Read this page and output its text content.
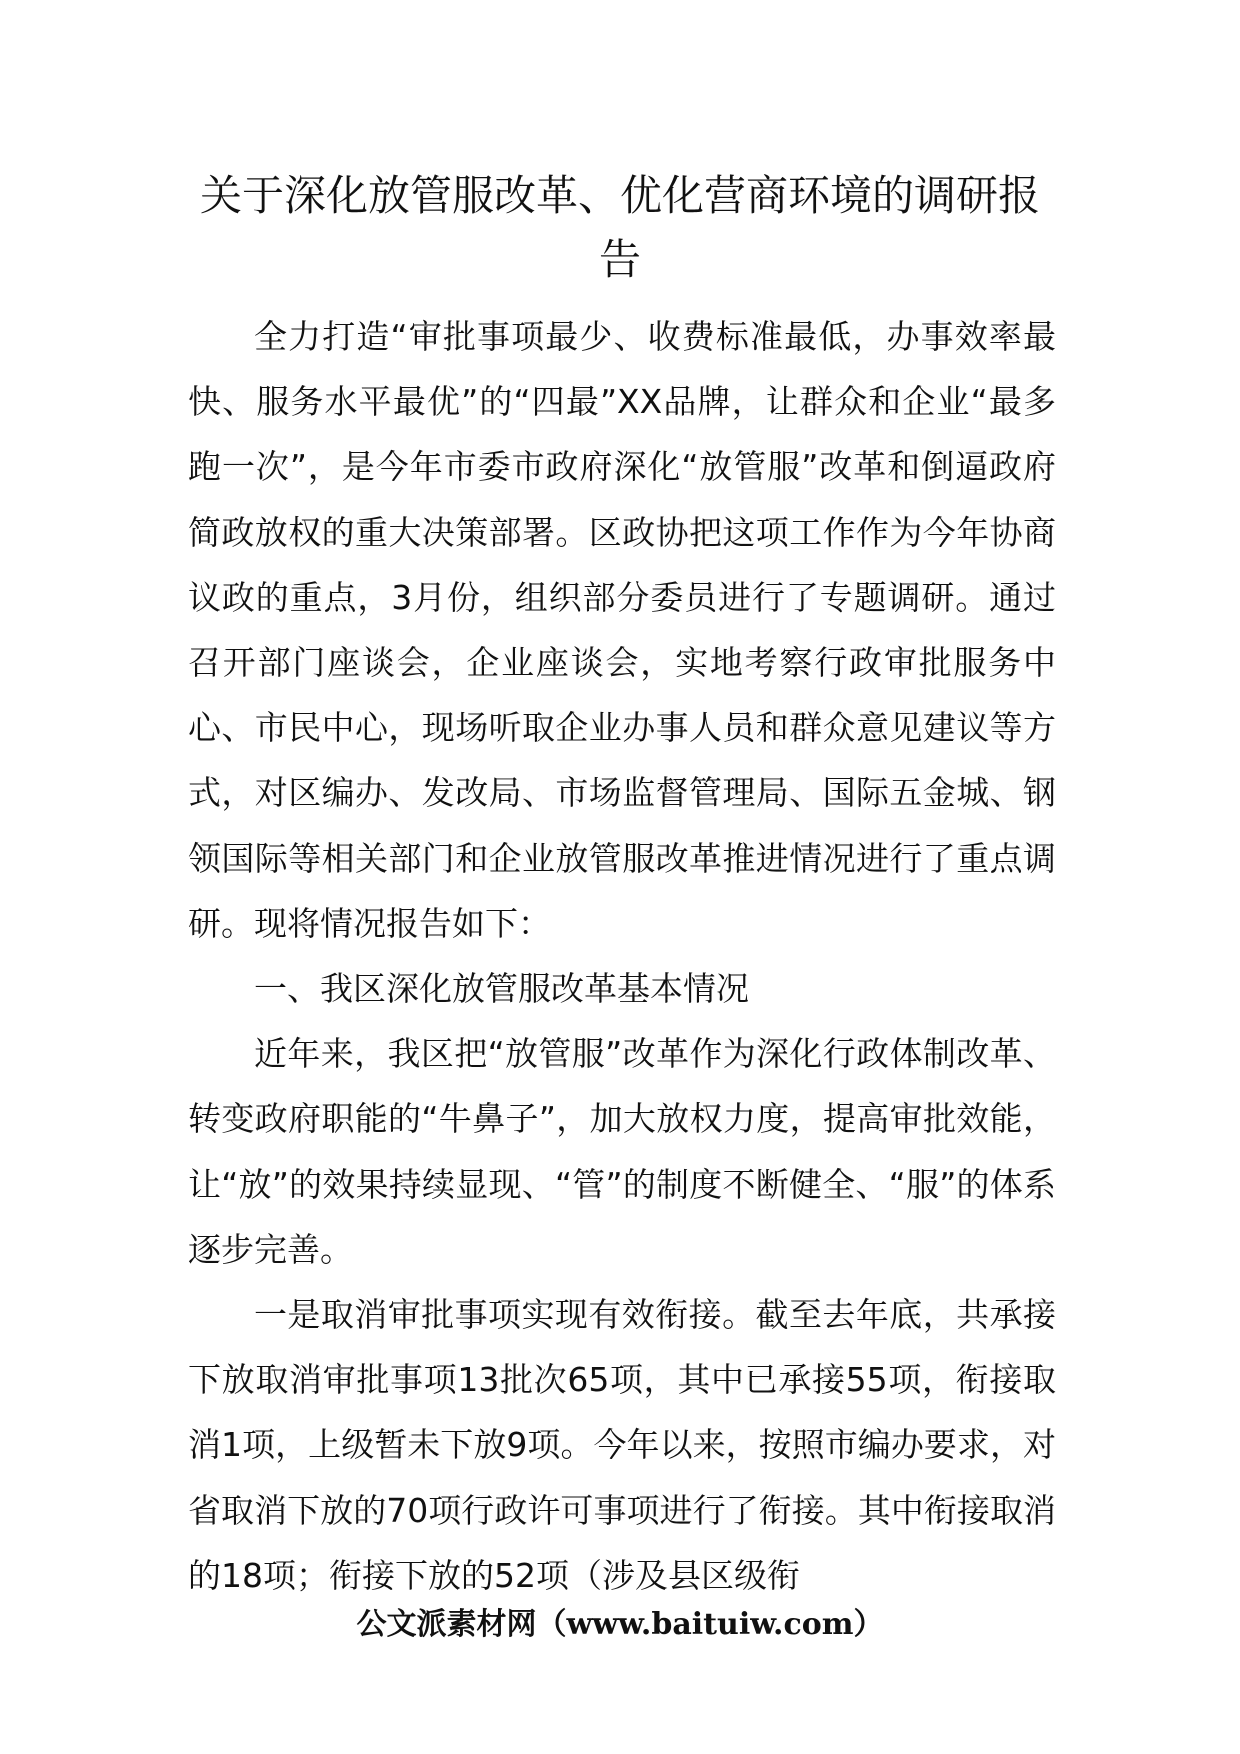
关于深化放管服改革、优化营商环境的调研报告

全力打造“审批事项最少、收费标准最低，办事效率最快、服务水平最优”的“四最”XX品牌，让群众和企业“最多跑一次”，是今年市委市政府深化“放管服”改革和倒逼政府简政放权的重大决策部署。区政协把这项工作作为今年协商议政的重点，3月份，组织部分委员进行了专题调研。通过召开部门座谈会，企业座谈会，实地考察行政审批服务中心、市民中心，现场听取企业办事人员和群众意见建议等方式，对区编办、发改局、市场监督管理局、国际五金城、钢领国际等相关部门和企业放管服改革推进情况进行了重点调研。现将情况报告如下：

一、我区深化放管服改革基本情况

近年来，我区把“放管服”改革作为深化行政体制改革、转变政府职能的“牛鼻子”，加大放权力度，提高审批效能，让“放”的效果持续显现、“管”的制度不断健全、“服”的体系逐步完善。

一是取消审批事项实现有效衔接。截至去年底，共承接下放取消审批事项13批次65项，其中已承接55项，衔接取消1项，上级暂未下放9项。今年以来，按照市编办要求，对省取消下放的70项行政许可事项进行了衔接。其中衔接取消的18项；衔接下放的52项（涉及县区级衔

公文派素材网（www.baituiw.com）
